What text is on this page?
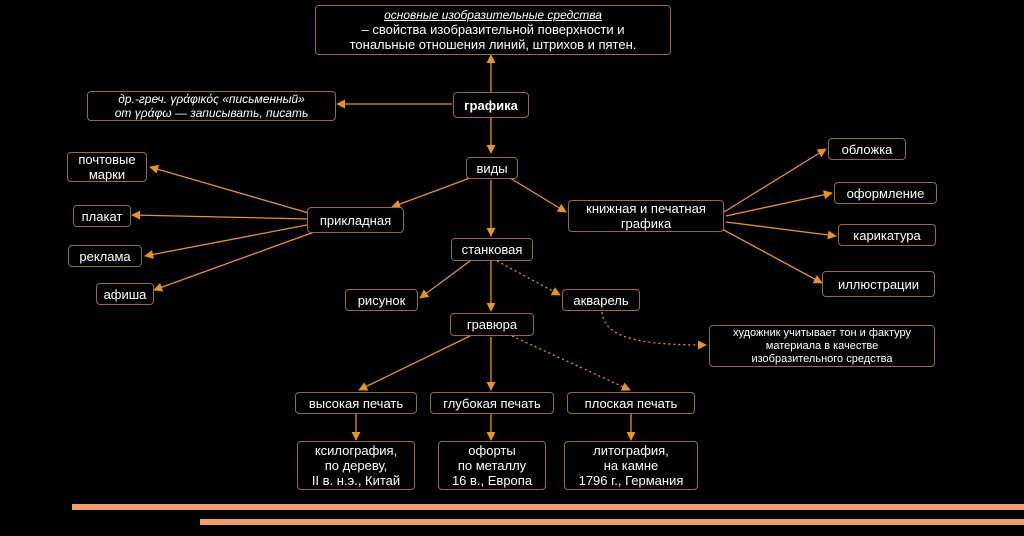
основные изобразительные средства
– свойства изобразительной поверхности и
тональные отношения линий, штрихов и пятен.
др.-греч. γράφικός «письменный»
от γράφω — записывать, писать
графика
виды
прикладная
почтовые
марки
плакат
реклама
афиша
станковая
книжная и печатная
графика
обложка
оформление
карикатура
иллюстрации
рисунок	акварель
художник учитывает тон и фактуру
материала в качестве
изобразительного средства
гравюра
высокая печать	глубокая печать	плоская печать
ксилография,
по дереву,
II в. н.э., Китай
офорты
по металлу
16 в., Европа
литография,
на камне
1796 г., Германия
